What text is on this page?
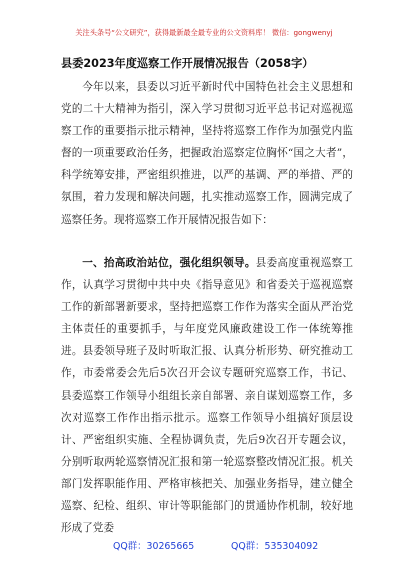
关注头条号“公文研究”，获得最新最全最专业的公文资料库！ 微信：gongwenyj
县委2023年度巡察工作开展情况报告（2058字）

今年以来，县委以习近平新时代中国特色社会主义思想和党的二十大精神为指引，深入学习贯彻习近平总书记对巡视巡察工作的重要指示批示精神，坚持将巡察工作作为加强党内监督的一项重要政治任务，把握政治巡察定位胸怀“国之大者”，科学统筹安排，严密组织推进，以严的基调、严的举措、严的氛围，着力发现和解决问题，扎实推动巡察工作，圆满完成了巡察任务。现将巡察工作开展情况报告如下：

一、抬高政治站位，强化组织领导。县委高度重视巡察工作，认真学习贯彻中共中央《指导意见》和省委关于巡视巡察工作的新部署新要求，坚持把巡察工作作为落实全面从严治党主体责任的重要抓手，与年度党风廉政建设工作一体统筹推进。县委领导班子及时听取汇报、认真分析形势、研究推动工作，市委常委会先后5次召开会议专题研究巡察工作，书记、县委巡察工作领导小组组长亲自部署、亲自谋划巡察工作，多次对巡察工作作出指示批示。巡察工作领导小组搞好顶层设计、严密组织实施、全程协调负责，先后9次召开专题会议，分别听取两轮巡察情况汇报和第一轮巡察整改情况汇报。机关部门发挥职能作用、严格审核把关、加强业务指导，建立健全巡察、纪检、组织、审计等职能部门的贯通协作机制，较好地形成了党委

QQ群：30265665	QQ群：535304092
